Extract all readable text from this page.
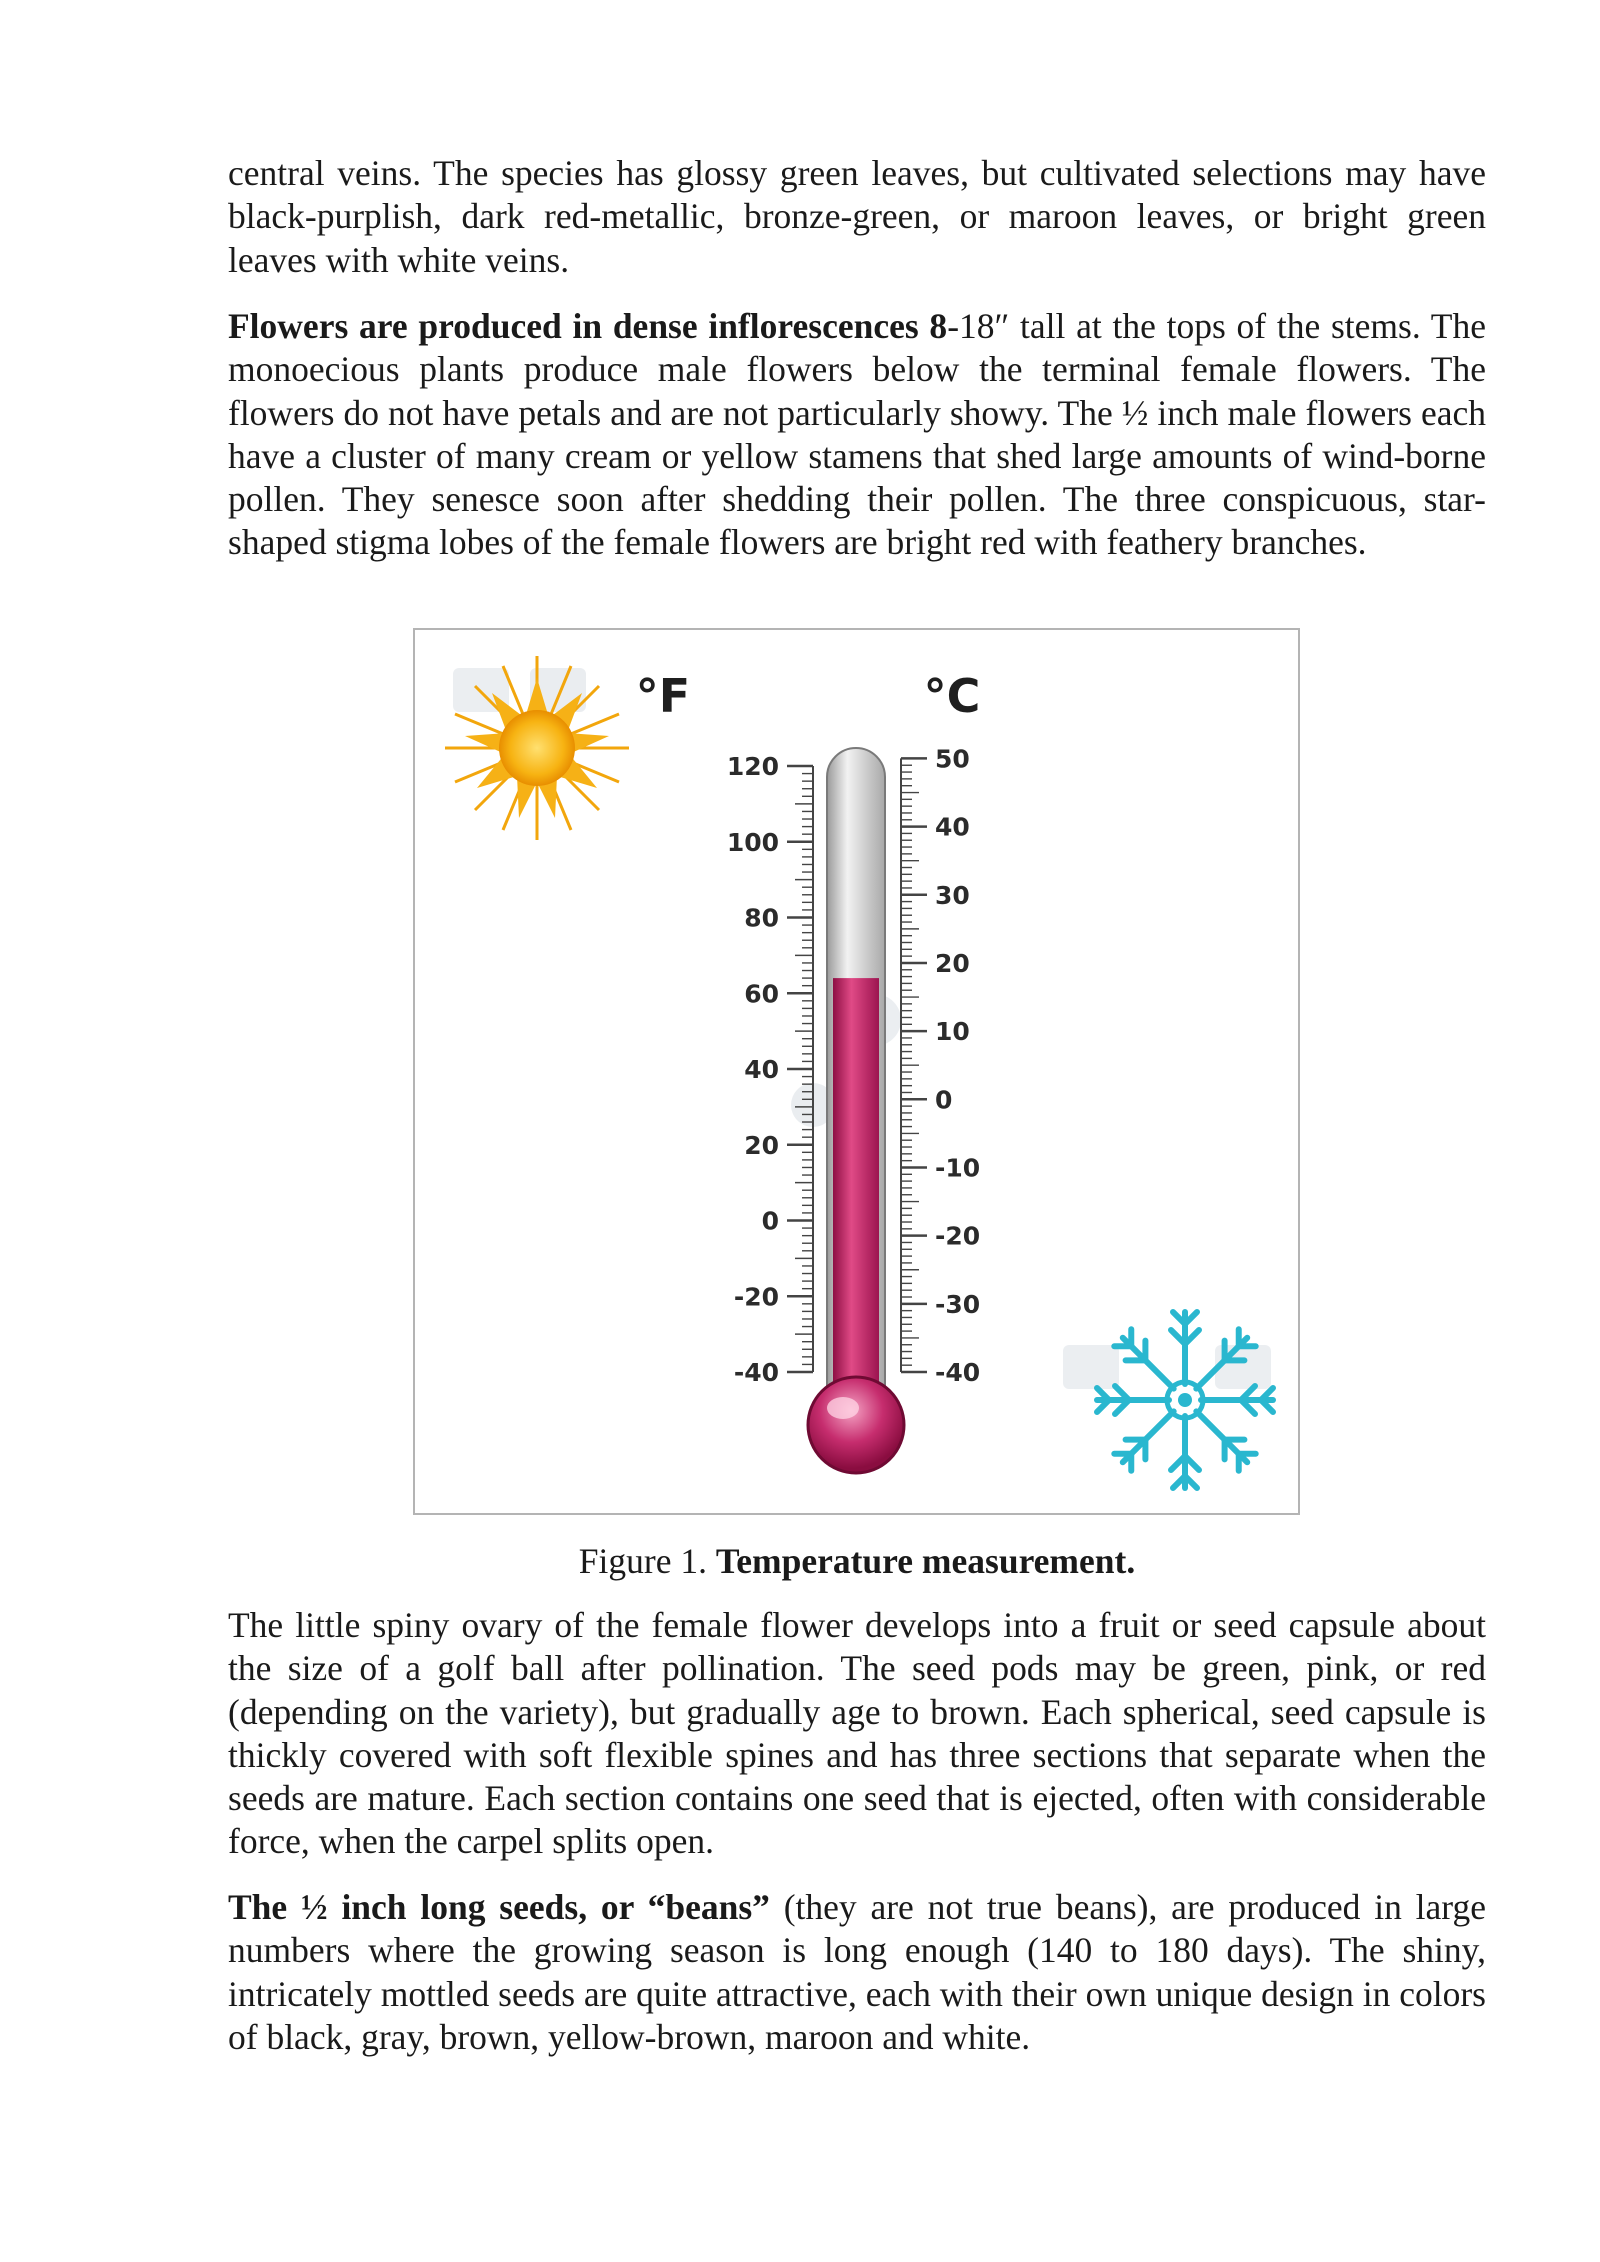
central veins. The species has glossy green leaves, but cultivated selections may have black-purplish, dark red-metallic, bronze-green, or maroon leaves, or bright green leaves with white veins.

Flowers are produced in dense inflorescences 8-18″ tall at the tops of the stems. The monoecious plants produce male flowers below the terminal female flowers. The flowers do not have petals and are not particularly showy. The ½ inch male flowers each have a cluster of many cream or yellow stamens that shed large amounts of wind-borne pollen. They senesce soon after shedding their pollen. The three conspicuous, star-shaped stigma lobes of the female flowers are bright red with feathery branches.

°F	°C
120
100
80
60
40
20
0
-20
-40
50
40
30
20
10
0
-10
-20
-30
-40
Figure 1. Temperature measurement.

The little spiny ovary of the female flower develops into a fruit or seed capsule about the size of a golf ball after pollination. The seed pods may be green, pink, or red (depending on the variety), but gradually age to brown. Each spherical, seed capsule is thickly covered with soft flexible spines and has three sections that separate when the seeds are mature. Each section contains one seed that is ejected, often with considerable force, when the carpel splits open.

The ½ inch long seeds, or “beans” (they are not true beans), are produced in large numbers where the growing season is long enough (140 to 180 days). The shiny, intricately mottled seeds are quite attractive, each with their own unique design in colors of black, gray, brown, yellow-brown, maroon and white.
